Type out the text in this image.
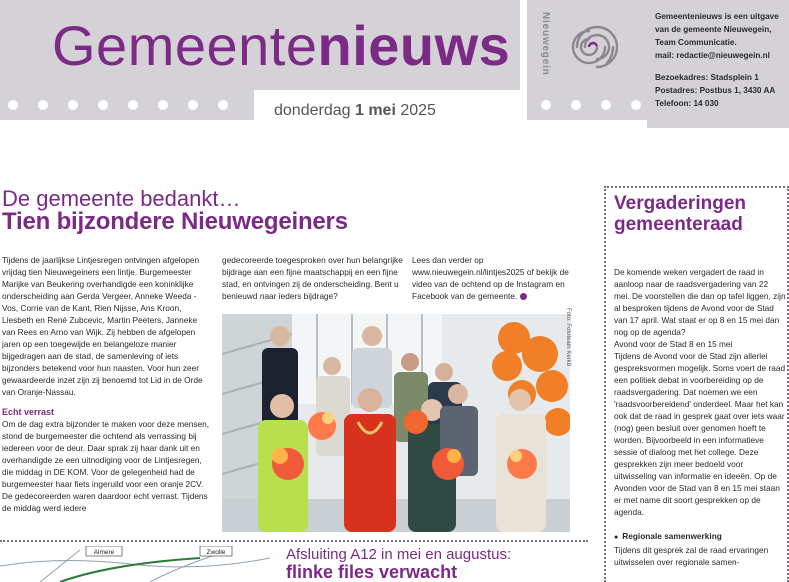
Gemeentenieuws
donderdag 1 mei 2025
Nieuwegein	Gemeentenieuws is een uitgave
van de gemeente Nieuwegein,
Team Communicatie.
mail: redactie@nieuwegein.nl
Bezoekadres: Stadsplein 1
Postadres: Postbus 1, 3430 AA
Telefoon: 14 030
De gemeente bedankt…
Tien bijzondere Nieuwegeiners

Tijdens de jaarlijkse Lintjesregen ontvingen afgelopen vrijdag tien Nieuwegeiners een lintje. Burgemeester Marijke van Beukering overhandigde een koninklijke onderscheiding aan Gerda Vergeer, Anneke Weeda - Vos, Corrie van de Kant, Rien Nijsse, Ans Kroon, Liesbeth en René Zubcevic, Martin Peeters, Janneke van Rees en Arno van Wijk. Zij hebben de afgelopen jaren op een toegewijde en belangeloze manier bijgedragen aan de stad, de samenleving of iets bijzonders betekend voor hun naasten. Voor hun zeer gewaardeerde inzet zijn zij benoemd tot Lid in de Orde van Oranje-Nassau.

Echt verrast

Om de dag extra bijzonder te maken voor deze mensen, stond de burgemeester die ochtend als verrassing bij iedereen voor de deur. Daar sprak zij haar dank uit en overhandigde ze een uitnodiging voor de Lintjesregen, die middag in DE KOM. Voor de gelegenheid had de burgemeester haar fiets ingeruild voor een oranje 2CV. De gedecoreerden waren daardoor echt verrast. Tijdens de middag werd iedere

gedecoreerde toegesproken over hun belangrijke bijdrage aan een fijne maatschappij en een fijne stad, en ontvingen zij de onderscheiding. Bent u benieuwd naar ieders bijdrage?

Lees dan verder op www.nieuwegein.nl/lintjes2025 of bekijk de video van de ochtend op de Instagram en Facebook van de gemeente.

Foto: Fototeam Kerk8
Almere	Zwolle	Afsluiting A12 in mei en augustus:
flinke files verwacht
Vergaderingen
gemeenteraad

De komende weken vergadert de raad in aanloop naar de raadsvergadering van 22 mei. De voorstellen die dan op tafel liggen, zijn al besproken tijdens de Avond voor de Stad van 17 april. Wat staat er op 8 en 15 mei dan nog op de agenda?

Avond voor de Stad 8 en 15 mei

Tijdens de Avond voor de Stad zijn allerlei gespreksvormen mogelijk. Soms voert de raad een politiek debat in voorbereiding op de raadsvergadering. Dat noemen we een 'raadsvoorbereidend' onderdeel. Maar het kan ook dat de raad in gesprek gaat over iets waar (nog) geen besluit over genomen hoeft te worden. Bijvoorbeeld in een informatieve sessie of dialoog met het college. Deze gesprekken zijn meer bedoeld voor uitwisseling van informatie en ideeën. Op de Avonden voor de Stad van 8 en 15 mei staan er met name dit soort gesprekken op de agenda.

● Regionale samenwerking

Tijdens dit gesprek zal de raad ervaringen uitwisselen over regionale samen-
